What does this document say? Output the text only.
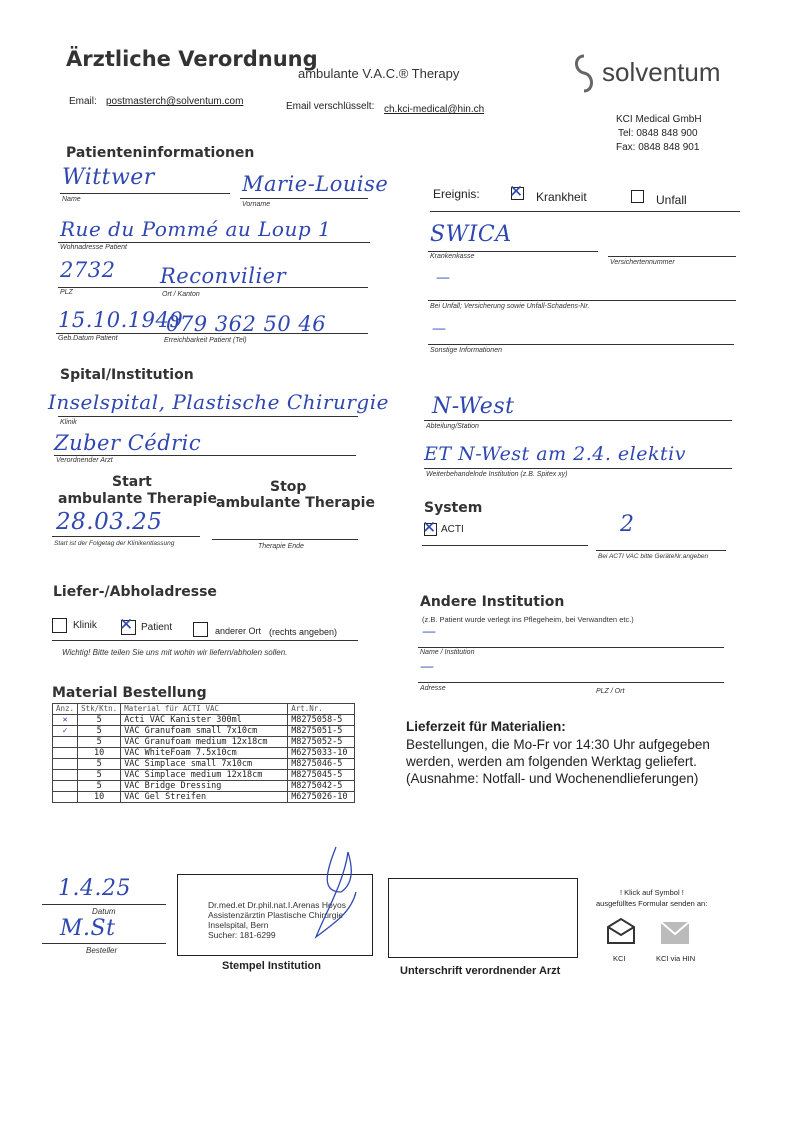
Ärztliche Verordnung
ambulante V.A.C.® Therapy	solventum
Email: postmasterch@solventum.com	Email verschlüsselt: ch.kci-medical@hin.ch
KCI Medical GmbH
Tel: 0848 848 900
Fax: 0848 848 901
Patienteninformationen
Wittwer
Name
Marie-Louise
Vorname
Rue du Pommé au Loup 1
Wohnadresse Patient
2732 Reconvilier
PLZ	Ort / Kanton
15.10.1949
079 362 50 46
Geb.Datum Patient	Erreichbarkeit Patient (Tel)
Ereignis: ✕ Krankheit	Unfall
SWICA
Krankenkasse
Versichertennummer
—
Bei Unfall; Versicherung sowie Unfall-Schadens-Nr.
—
Sonstige Informationen
Spital/Institution
Inselspital, Plastische Chirurgie
Klinik
Zuber Cédric
Verordnender Arzt
N-West
Abteilung/Station
ET N-West am 2.4. elektiv
Weiterbehandelnde Institution (z.B. Spitex xy)
Start
ambulante Therapie
Stop
ambulante Therapie
28.03.25
Start ist der Folgetag der Klinikentlassung	Therapie Ende
System
✕ ACTI	2
Bei ACTI VAC bitte GeräteNr.angeben
Liefer-/Abholadresse
Klinik ✕ Patient	anderer Ort (rechts angeben)
Wichtig! Bitte teilen Sie uns mit wohin wir liefern/abholen sollen.
Andere Institution
(z.B. Patient wurde verlegt ins Pflegeheim, bei Verwandten etc.)
—
Name / Institution
—
Adresse	PLZ / Ort
Material Bestellung
Anz.	Stk/Ktn.	Material für ACTI VAC	Art.Nr.
✕	5	Acti VAC Kanister 300ml	M8275058-5
✓	5	VAC Granufoam small 7x10cm	M8275051-5
	5	VAC Granufoam medium 12x18cm	M8275052-5
	10	VAC WhiteFoam 7.5x10cm	M6275033-10
	5	VAC Simplace small 7x10cm	M8275046-5
	5	VAC Simplace medium 12x18cm	M8275045-5
	5	VAC Bridge Dressing	M8275042-5
	10	VAC Gel Streifen	M6275026-10
Lieferzeit für Materialien:
Bestellungen, die Mo-Fr vor 14:30 Uhr aufgegeben
werden, werden am folgenden Werktag geliefert.
(Ausnahme: Notfall- und Wochenendlieferungen)
1.4.25
Datum
M.St
Besteller
Dr.med.et Dr.phil.nat.I.Arenas Hoyos
Assistenzärztin Plastische Chirurgie
Inselspital, Bern
Sucher: 181-6299
Stempel Institution	Unterschrift verordnender Arzt
! Klick auf Symbol !
ausgefülltes Formular senden an:
KCI	KCI via HIN
